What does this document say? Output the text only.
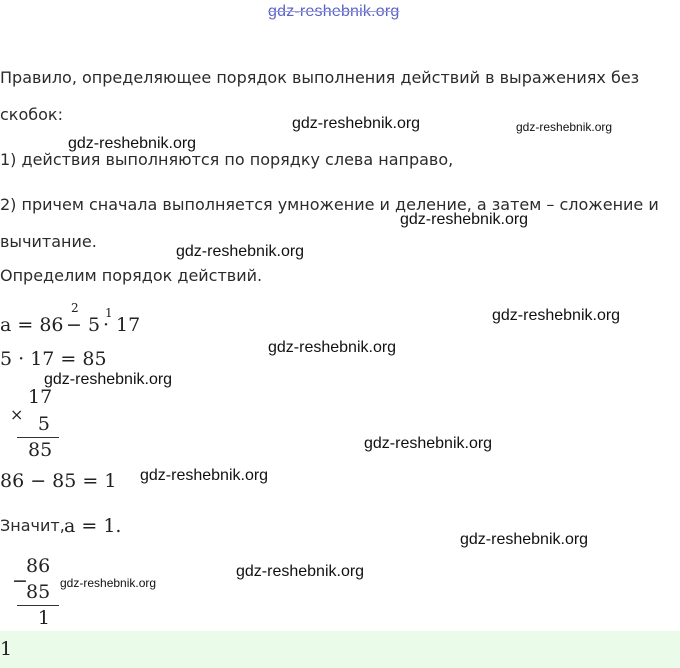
gdz-reshebnik.org
Правило, определяющее порядок выполнения действий в выражениях без
скобок:
1) действия выполняются по порядку слева направо,
2) причем сначала выполняется умножение и деление, а затем – сложение и
вычитание.
Определим порядок действий.
gdz-reshebnik.org
gdz-reshebnik.org	gdz-reshebnik.org
gdz-reshebnik.org
gdz-reshebnik.org
gdz-reshebnik.org
gdz-reshebnik.org
gdz-reshebnik.org
gdz-reshebnik.org
gdz-reshebnik.org
gdz-reshebnik.org
gdz-reshebnik.org
gdz-reshebnik.org
a = 86 −
2
5 ·
1
17
5 · 17 = 85
×
17
5
85
86 − 85 = 1
Значит, a = 1.
−
86
85
1
1
